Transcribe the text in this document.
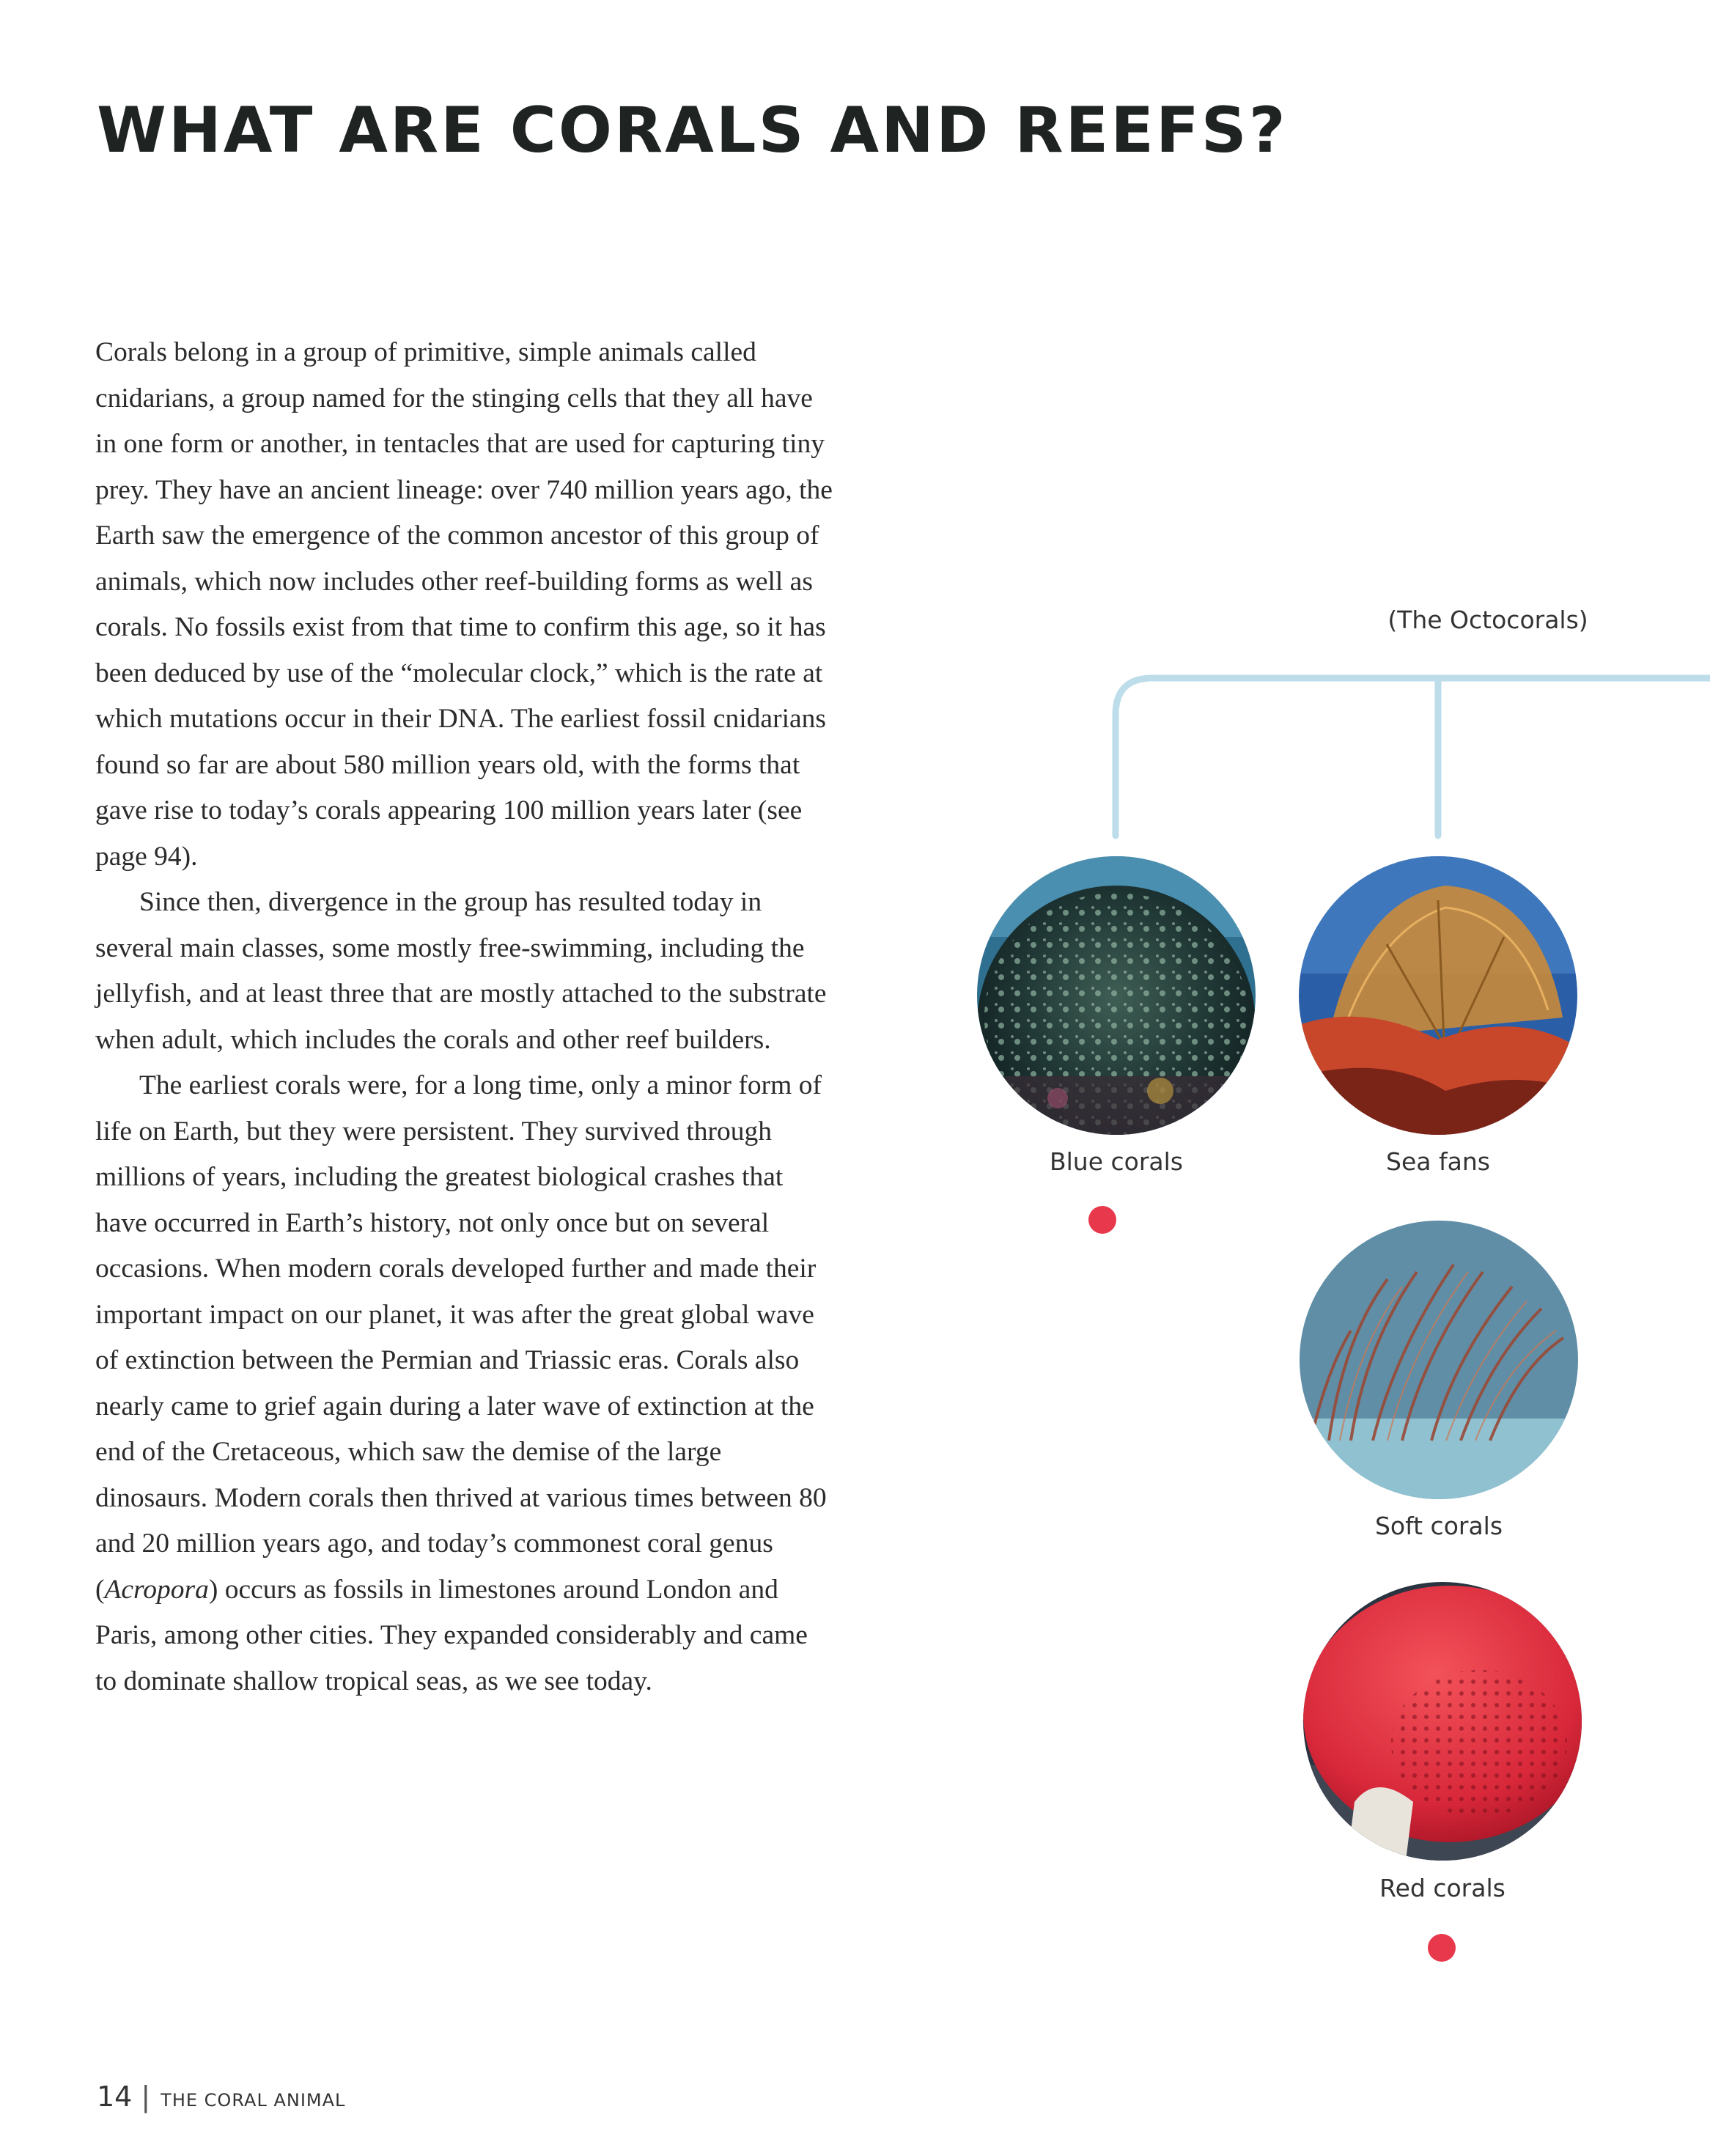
WHAT ARE CORALS AND REEFS?

Corals belong in a group of primitive, simple animals called cnidarians, a group named for the stinging cells that they all have in one form or another, in tentacles that are used for capturing tiny prey. They have an ancient lineage: over 740 million years ago, the Earth saw the emergence of the common ancestor of this group of animals, which now includes other reef-building forms as well as corals. No fossils exist from that time to confirm this age, so it has been deduced by use of the “molecular clock,” which is the rate at which mutations occur in their DNA. The earliest fossil cnidarians found so far are about 580 million years old, with the forms that gave rise to today’s corals appearing 100 million years later (see page 94).

Since then, divergence in the group has resulted today in several main classes, some mostly free-swimming, including the jellyfish, and at least three that are mostly attached to the substrate when adult, which includes the corals and other reef builders.

The earliest corals were, for a long time, only a minor form of life on Earth, but they were persistent. They survived through millions of years, including the greatest biological crashes that have occurred in Earth’s history, not only once but on several occasions. When modern corals developed further and made their important impact on our planet, it was after the great global wave of extinction between the Permian and Triassic eras. Corals also nearly came to grief again during a later wave of extinction at the end of the Cretaceous, which saw the demise of the large dinosaurs. Modern corals then thrived at various times between 80 and 20 million years ago, and today’s commonest coral genus (Acropora) occurs as fossils in limestones around London and Paris, among other cities. They expanded considerably and came to dominate shallow tropical seas, as we see today.

(The Octocorals)
Blue corals	Sea fans
Soft corals
Red corals
14 | THE CORAL ANIMAL
